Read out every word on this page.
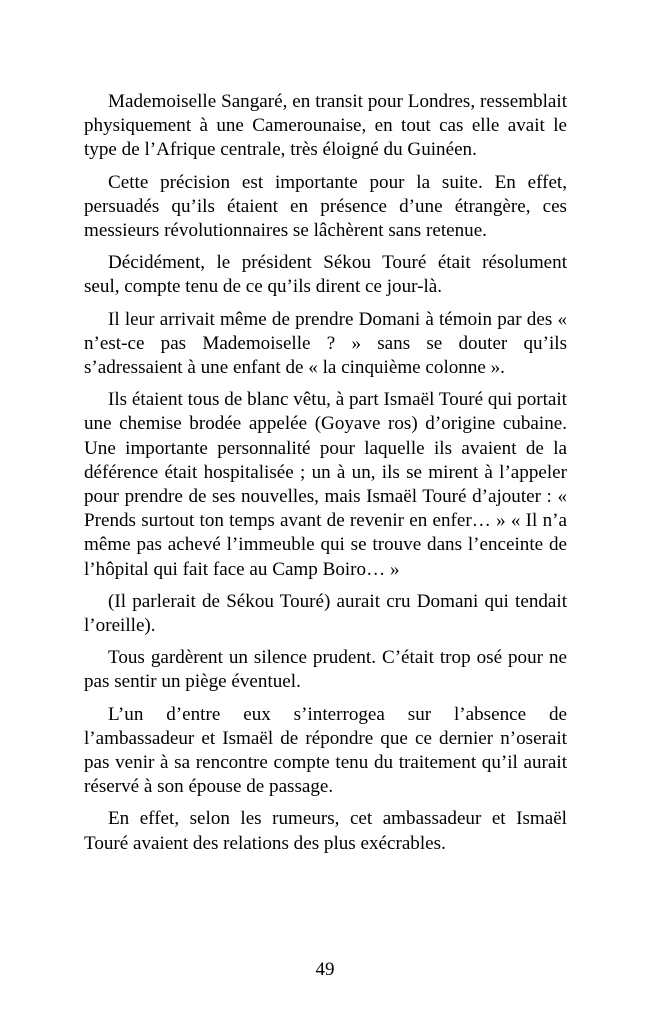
Mademoiselle Sangaré, en transit pour Londres, ressemblait physiquement à une Camerounaise, en tout cas elle avait le type de l’Afrique centrale, très éloigné du Guinéen.

Cette précision est importante pour la suite. En effet, persuadés qu’ils étaient en présence d’une étrangère, ces messieurs révolutionnaires se lâchèrent sans retenue.

Décidément, le président Sékou Touré était résolument seul, compte tenu de ce qu’ils dirent ce jour-là.

Il leur arrivait même de prendre Domani à témoin par des « n’est-ce pas Mademoiselle ? » sans se douter qu’ils s’adressaient à une enfant de « la cinquième colonne ».

Ils étaient tous de blanc vêtu, à part Ismaël Touré qui portait une chemise brodée appelée (Goyave ros) d’origine cubaine. Une importante personnalité pour laquelle ils avaient de la déférence était hospitalisée ; un à un, ils se mirent à l’appeler pour prendre de ses nouvelles, mais Ismaël Touré d’ajouter : « Prends surtout ton temps avant de revenir en enfer… » « Il n’a même pas achevé l’immeuble qui se trouve dans l’enceinte de l’hôpital qui fait face au Camp Boiro… »

(Il parlerait de Sékou Touré) aurait cru Domani qui tendait l’oreille).

Tous gardèrent un silence prudent. C’était trop osé pour ne pas sentir un piège éventuel.

L’un d’entre eux s’interrogea sur l’absence de l’ambassadeur et Ismaël de répondre que ce dernier n’oserait pas venir à sa rencontre compte tenu du traitement qu’il aurait réservé à son épouse de passage.

En effet, selon les rumeurs, cet ambassadeur et Ismaël Touré avaient des relations des plus exécrables.

49
